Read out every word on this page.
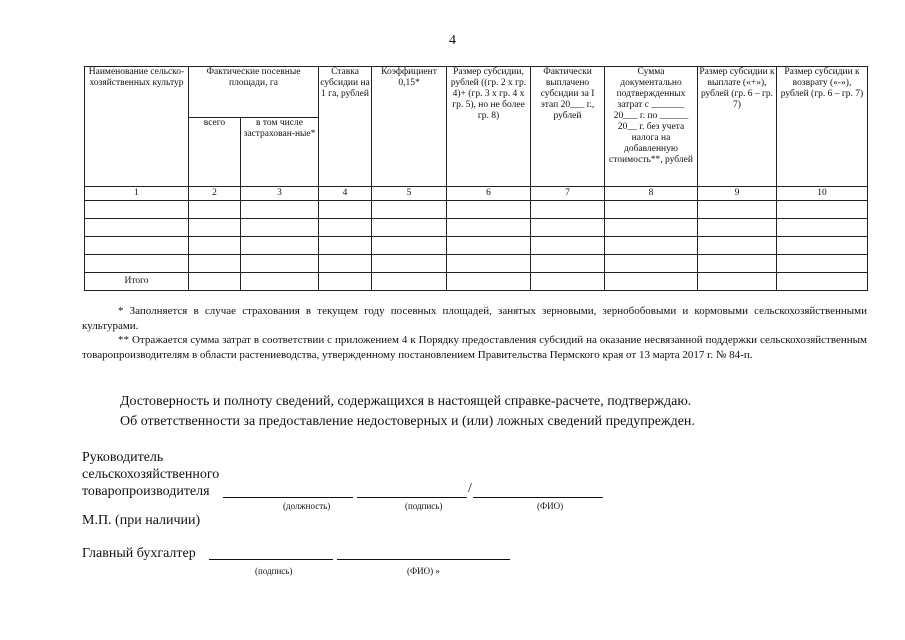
4
Наименование сельско-хозяйственных культур	Фактические посевные площади, га		Ставка субсидии на 1 га, рублей	Коэффициент 0,15*	Размер субсидии, рублей ((гр. 2 х гр. 4)+ (гр. 3 х гр. 4 х гр. 5), но не более гр. 8)	Фактически выплачено субсидии за I этап 20___ г., рублей	Сумма документально подтвержденных затрат с _______ 20___ г. по ______ 20__ г. без учета налога на добавленную стоимость**, рублей	Размер субсидии к выплате («+»), рублей (гр. 6 – гр. 7)	Размер субсидии к возврату («-»), рублей (гр. 6 – гр. 7)
	всего	в том числе застрахован-ные*							
1	2	3	4	5	6	7	8	9	10

Итого									
* Заполняется в случае страхования в текущем году посевных площадей, занятых зерновыми, зернобобовыми и кормовыми сельскохозяйственными культурами.
** Отражается сумма затрат в соответствии с приложением 4 к Порядку предоставления субсидий на оказание несвязанной поддержки сельскохозяйственным товаропроизводителям в области растениеводства, утвержденному постановлением Правительства Пермского края от 13 марта 2017 г. № 84-п.
Достоверность и полноту сведений, содержащихся в настоящей справке-расчете, подтверждаю.
Об ответственности за предоставление недостоверных и (или) ложных сведений предупрежден.
Руководитель
сельскохозяйственного
товаропроизводителя	/
(должность)	(подпись)	(ФИО)
М.П. (при наличии)
Главный бухгалтер
(подпись)	(ФИО) »
